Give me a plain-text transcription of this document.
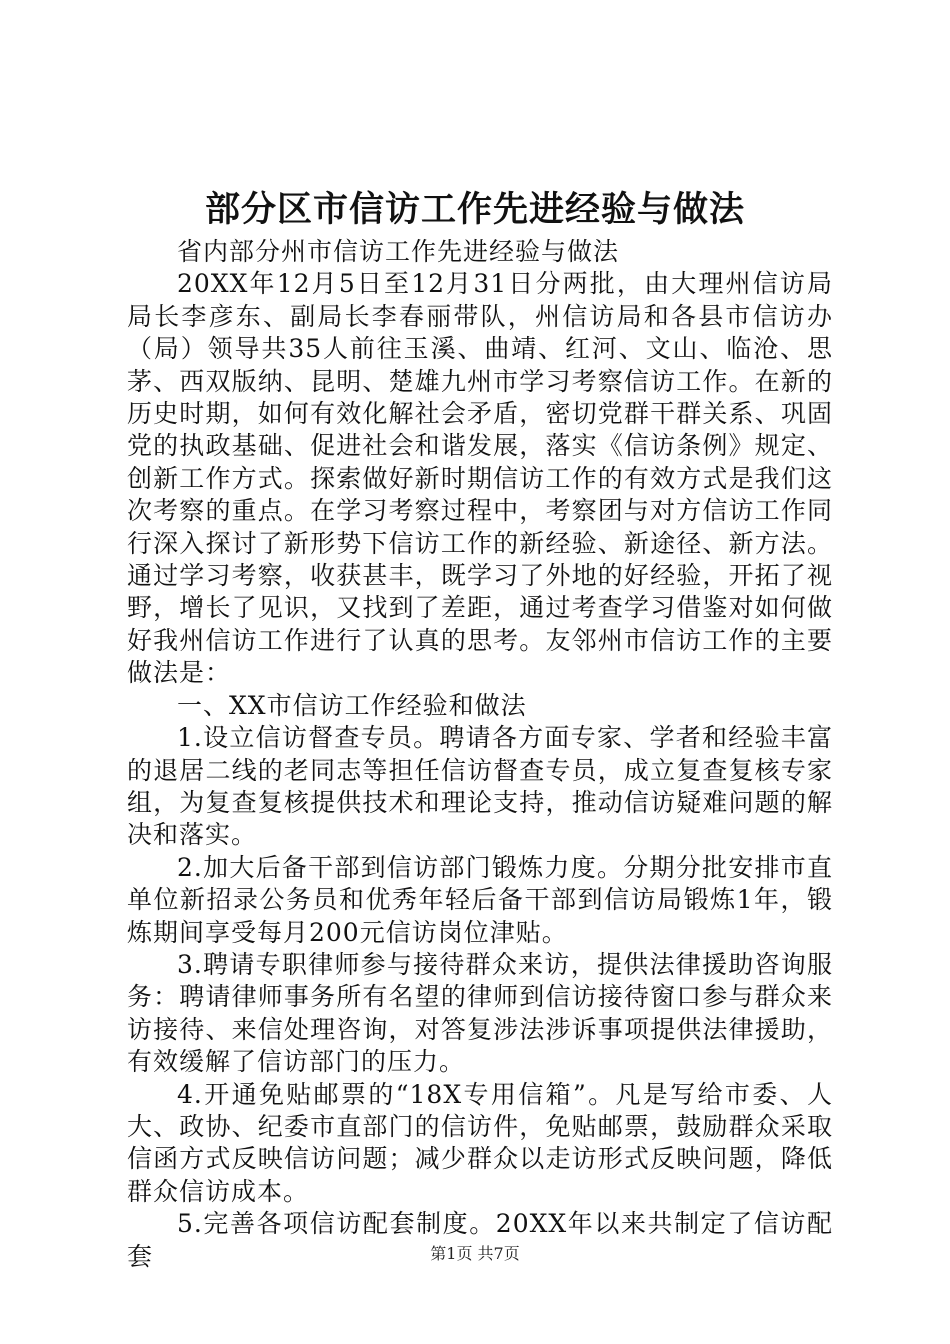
部分区市信访工作先进经验与做法

省内部分州市信访工作先进经验与做法

20XX年12月5日至12月31日分两批，由大理州信访局局长李彦东、副局长李春丽带队，州信访局和各县市信访办（局）领导共35人前往玉溪、曲靖、红河、文山、临沧、思茅、西双版纳、昆明、楚雄九州市学习考察信访工作。在新的历史时期，如何有效化解社会矛盾，密切党群干群关系、巩固党的执政基础、促进社会和谐发展，落实《信访条例》规定、创新工作方式。探索做好新时期信访工作的有效方式是我们这次考察的重点。在学习考察过程中，考察团与对方信访工作同行深入探讨了新形势下信访工作的新经验、新途径、新方法。通过学习考察，收获甚丰，既学习了外地的好经验，开拓了视野，增长了见识，又找到了差距，通过考查学习借鉴对如何做好我州信访工作进行了认真的思考。友邻州市信访工作的主要做法是：

一、XX市信访工作经验和做法

1.设立信访督查专员。聘请各方面专家、学者和经验丰富的退居二线的老同志等担任信访督查专员，成立复查复核专家组，为复查复核提供技术和理论支持，推动信访疑难问题的解决和落实。

2.加大后备干部到信访部门锻炼力度。分期分批安排市直单位新招录公务员和优秀年轻后备干部到信访局锻炼1年，锻炼期间享受每月200元信访岗位津贴。

3.聘请专职律师参与接待群众来访，提供法律援助咨询服务：聘请律师事务所有名望的律师到信访接待窗口参与群众来访接待、来信处理咨询，对答复涉法涉诉事项提供法律援助，有效缓解了信访部门的压力。

4.开通免贴邮票的“18X专用信箱”。凡是写给市委、人大、政协、纪委市直部门的信访件，免贴邮票，鼓励群众采取信函方式反映信访问题；减少群众以走访形式反映问题，降低群众信访成本。

5.完善各项信访配套制度。20XX年以来共制定了信访配套	第1页 共7页
